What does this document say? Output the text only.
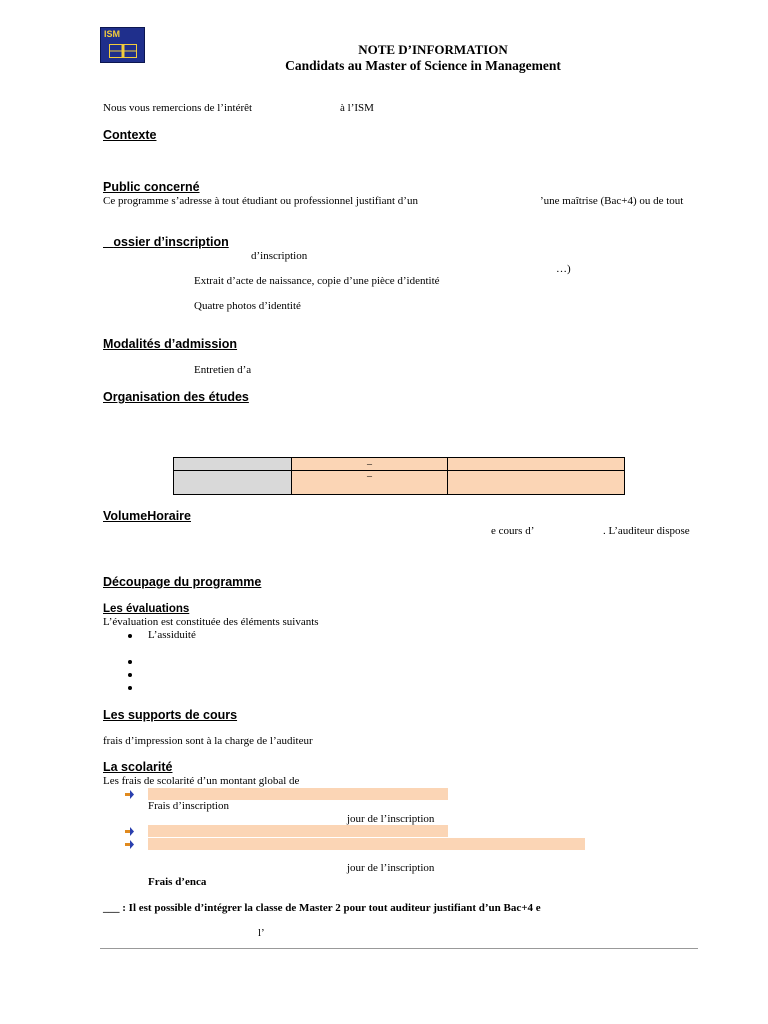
ISM
NOTE D’INFORMATION
Candidats au Master of Science in Management
Nous vous remercions de l’intérêt	à l’ISM
Contexte
Public concerné
Ce programme s’adresse à tout étudiant ou professionnel justifiant d’un	’une maîtrise (Bac+4) ou de tout
ossier d’inscription
d’inscription
…)
Extrait d’acte de naissance, copie d’une pièce d’identité
Quatre photos d’identité
Modalités d’admission
Entretien d’a
Organisation des études
	–	
	–	
VolumeHoraire
e cours d’	. L’auditeur dispose
Découpage du programme
Les évaluations
L’évaluation est constituée des éléments suivants
L’assiduité
Les supports de cours
frais d’impression sont à la charge de l’auditeur
La scolarité
Les frais de scolarité d’un montant global de
Frais d’inscription
jour de l’inscription
jour de l’inscription
Frais d’enca
___ : Il est possible d’intégrer la classe de Master 2 pour tout auditeur justifiant d’un Bac+4 e
l’
